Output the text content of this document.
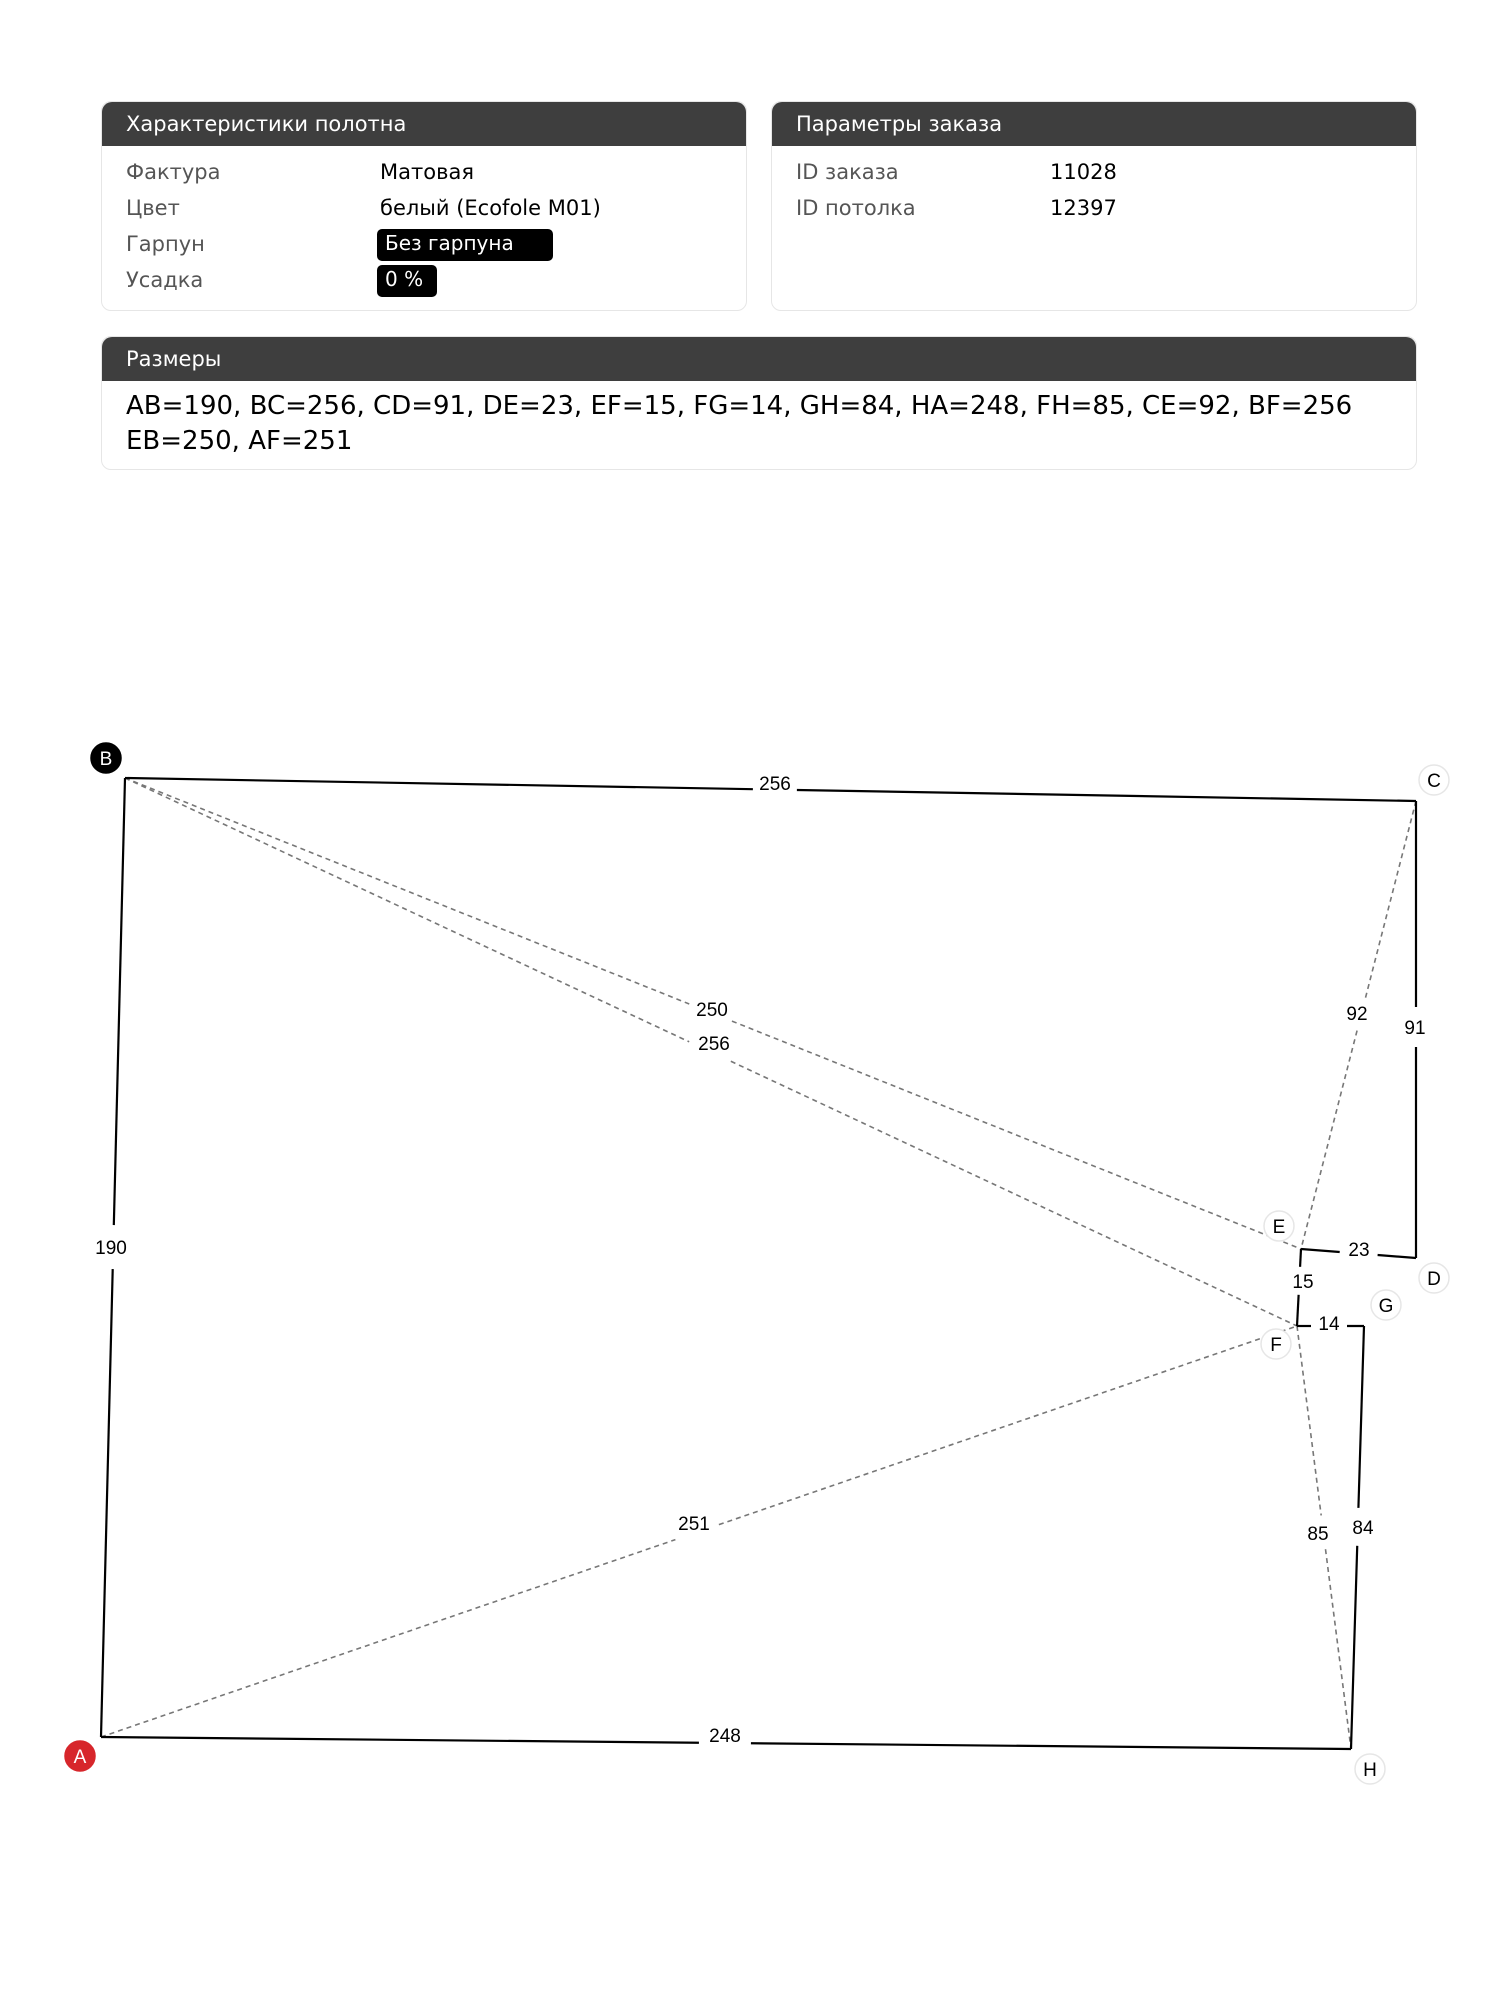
Характеристики полотна
Фактура	Матовая
Цвет	белый (Ecofole M01)
Гарпун	Без гарпуна
Усадка	0 %
Параметры заказа
ID заказа	11028
ID потолка	12397
Размеры
AB=190, BC=256, CD=91, DE=23, EF=15, FG=14, GH=84, HA=248, FH=85, CE=92, BF=256
EB=250, AF=251
250
256
92
251	85
190
256
91
23
15
14
84
248
A
B
C
D
E
F
G
H
